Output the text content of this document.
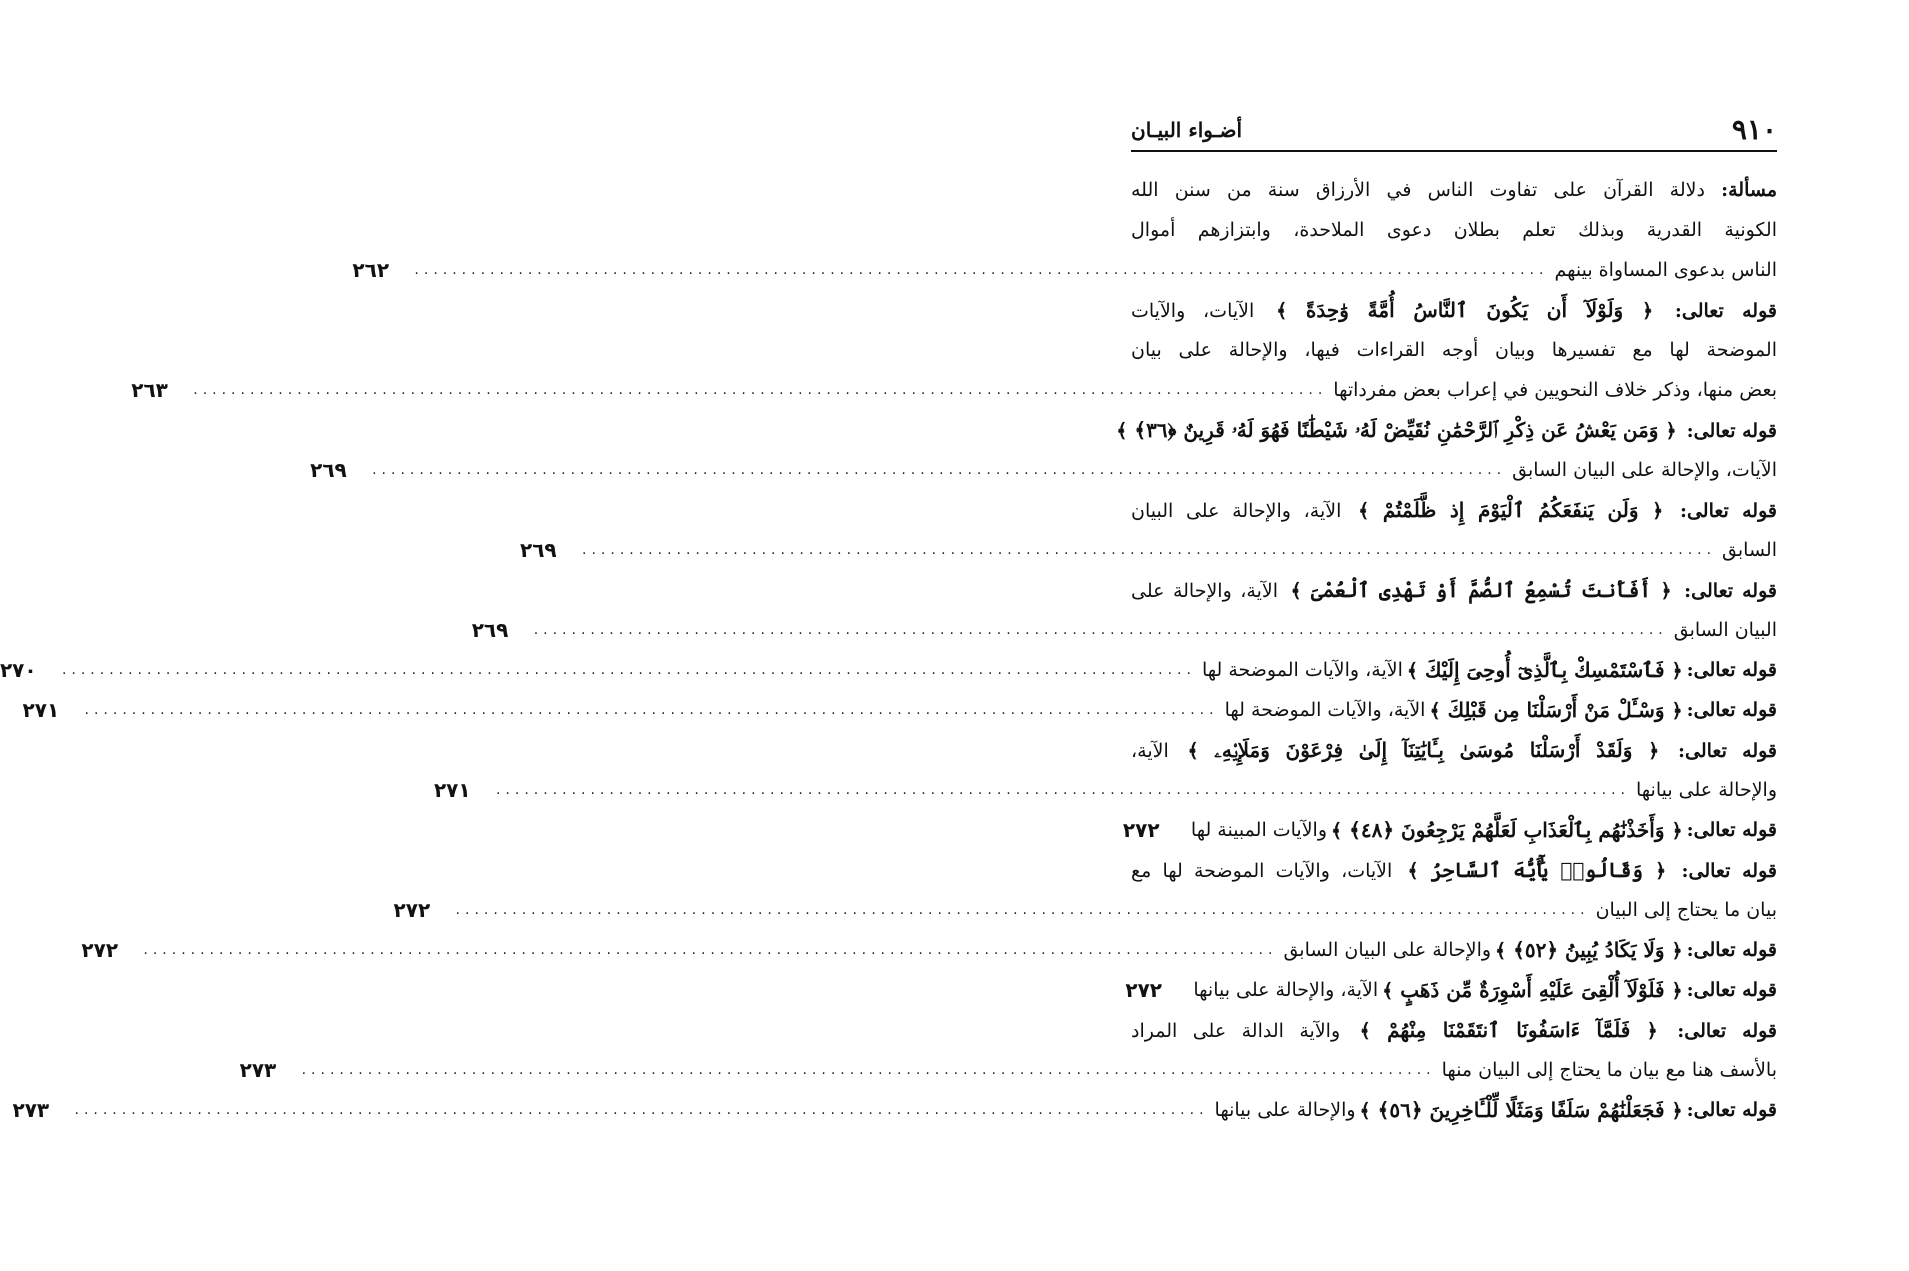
٩١٠
أضـواء البيـان
مسألة: دلالة القرآن على تفاوت الناس في الأرزاق سنة من سنن الله
الكونية القدرية وبذلك تعلم بطلان دعوى الملاحدة، وابتزازهم أموال
الناس بدعوى المساواة بينهم
........................................................................................................................
٢٦٢
قوله تعالى: ﴿ وَلَوْلَآ أَن يَكُونَ ٱلنَّاسُ أُمَّةً وَٰحِدَةً ﴾ الآيات، والآيات
الموضحة لها مع تفسيرها وبيان أوجه القراءات فيها، والإحالة على بيان
بعض منها، وذكر خلاف النحويين في إعراب بعض مفرداتها
........................................................................................................................
٢٦٣
قوله تعالى: ﴿ وَمَن يَعْشُ عَن ذِكْرِ ٱلرَّحْمَٰنِ نُقَيِّضْ لَهُۥ شَيْطَٰنًا فَهُوَ لَهُۥ قَرِينٌ ﴿٣٦﴾ ﴾
الآيات، والإحالة على البيان السابق
........................................................................................................................
٢٦٩
قوله تعالى: ﴿ وَلَن يَنفَعَكُمُ ٱلْيَوْمَ إِذ ظَّلَمْتُمْ ﴾ الآية، والإحالة على البيان
السابق
........................................................................................................................
٢٦٩
قوله تعالى: ﴿ أَفَأَنتَ تُسْمِعُ ٱلصُّمَّ أَوْ تَهْدِى ٱلْعُمْىَ ﴾ الآية، والإحالة على
البيان السابق
........................................................................................................................
٢٦٩
قوله تعالى:
﴿ فَٱسْتَمْسِكْ بِٱلَّذِىٓ أُوحِىَ إِلَيْكَ ﴾
الآية، والآيات الموضحة لها
........................................................................................................................
٢٧٠
قوله تعالى:
﴿ وَسْـَٔلْ مَنْ أَرْسَلْنَا مِن قَبْلِكَ ﴾
الآية، والآيات الموضحة لها
........................................................................................................................
٢٧١
قوله تعالى: ﴿ وَلَقَدْ أَرْسَلْنَا مُوسَىٰ بِـَٔايَٰتِنَآ إِلَىٰ فِرْعَوْنَ وَمَلَإِي۟هِۦ ﴾ الآية،
والإحالة على بيانها
........................................................................................................................
٢٧١
قوله تعالى:
﴿ وَأَخَذْنَٰهُم بِٱلْعَذَابِ لَعَلَّهُمْ يَرْجِعُونَ ﴿٤٨﴾ ﴾
والآيات المبينة لها
٢٧٢
قوله تعالى: ﴿ وَقَالُوا۟ يَٰٓأَيُّهَ ٱلسَّاحِرُ ﴾ الآيات، والآيات الموضحة لها مع
بيان ما يحتاج إلى البيان
........................................................................................................................
٢٧٢
قوله تعالى:
﴿ وَلَا يَكَادُ يُبِينُ ﴿٥٢﴾ ﴾
والإحالة على البيان السابق
........................................................................................................................
٢٧٢
قوله تعالى:
﴿ فَلَوْلَآ أُلْقِىَ عَلَيْهِ أَسْوِرَةٌ مِّن ذَهَبٍ ﴾
الآية، والإحالة على بيانها
٢٧٢
قوله تعالى: ﴿ فَلَمَّآ ءَاسَفُونَا ٱنتَقَمْنَا مِنْهُمْ ﴾ والآية الدالة على المراد
بالأسف هنا مع بيان ما يحتاج إلى البيان منها
........................................................................................................................
٢٧٣
قوله تعالى:
﴿ فَجَعَلْنَٰهُمْ سَلَفًا وَمَثَلًا لِّلْـَٔاخِرِينَ ﴿٥٦﴾ ﴾
والإحالة على بيانها
........................................................................................................................
٢٧٣
